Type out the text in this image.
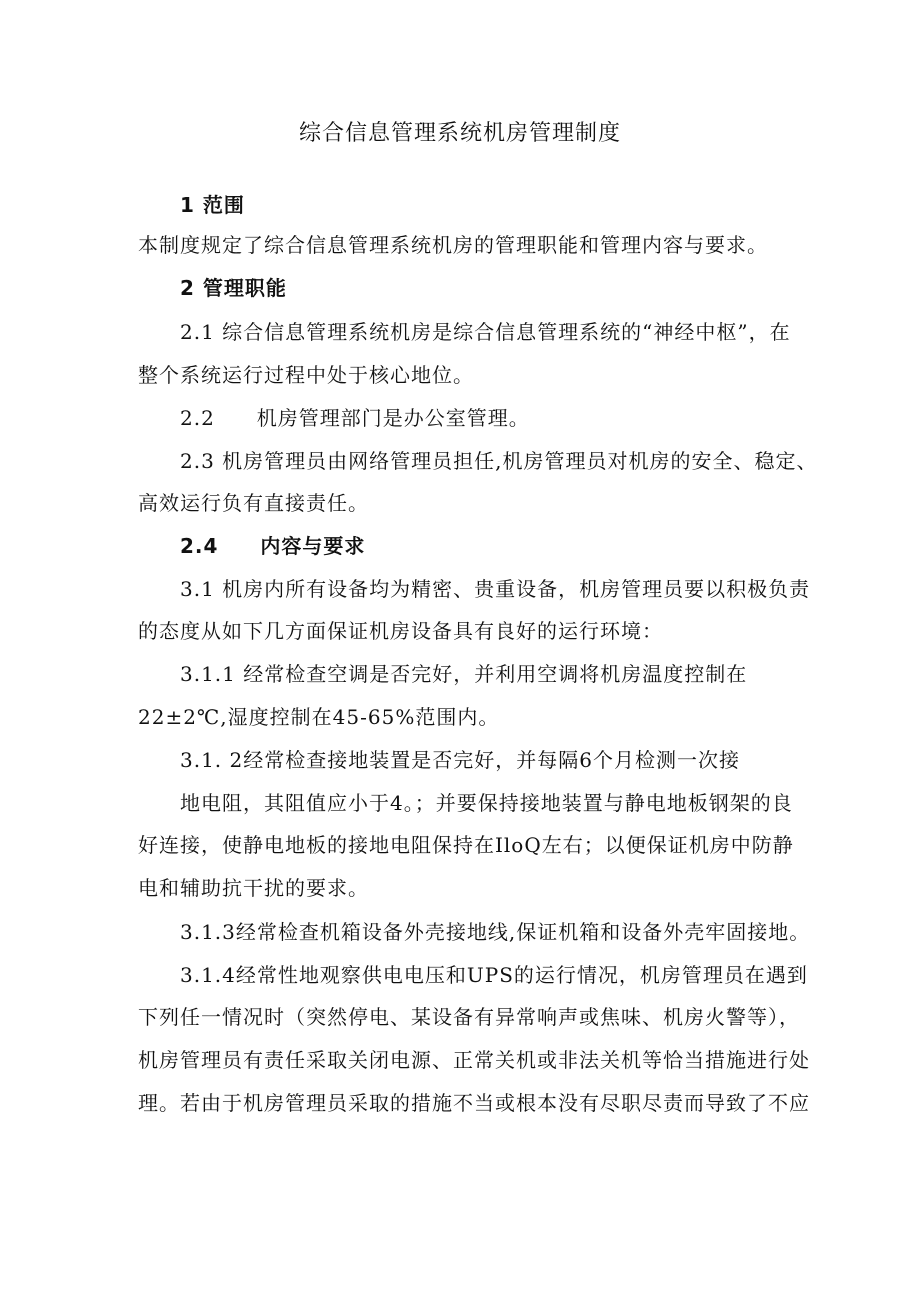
综合信息管理系统机房管理制度
1 范围
本制度规定了综合信息管理系统机房的管理职能和管理内容与要求。
2 管理职能
2.1 综合信息管理系统机房是综合信息管理系统的“神经中枢”，在
整个系统运行过程中处于核心地位。
2.2　　机房管理部门是办公室管理。
2.3 机房管理员由网络管理员担任,机房管理员对机房的安全、稳定、
高效运行负有直接责任。
2.4　　内容与要求
3.1 机房内所有设备均为精密、贵重设备，机房管理员要以积极负责
的态度从如下几方面保证机房设备具有良好的运行环境：
3.1.1 经常检查空调是否完好，并利用空调将机房温度控制在
22±2℃,湿度控制在45-65%范围内。
3.1. 2经常检查接地装置是否完好，并每隔6个月检测一次接
地电阻，其阻值应小于4。；并要保持接地装置与静电地板钢架的良
好连接，使静电地板的接地电阻保持在IloQ左右；以便保证机房中防静
电和辅助抗干扰的要求。
3.1.3经常检查机箱设备外壳接地线,保证机箱和设备外壳牢固接地。
3.1.4经常性地观察供电电压和UPS的运行情况，机房管理员在遇到
下列任一情况时（突然停电、某设备有异常响声或焦味、机房火警等），
机房管理员有责任采取关闭电源、正常关机或非法关机等恰当措施进行处
理。若由于机房管理员采取的措施不当或根本没有尽职尽责而导致了不应
